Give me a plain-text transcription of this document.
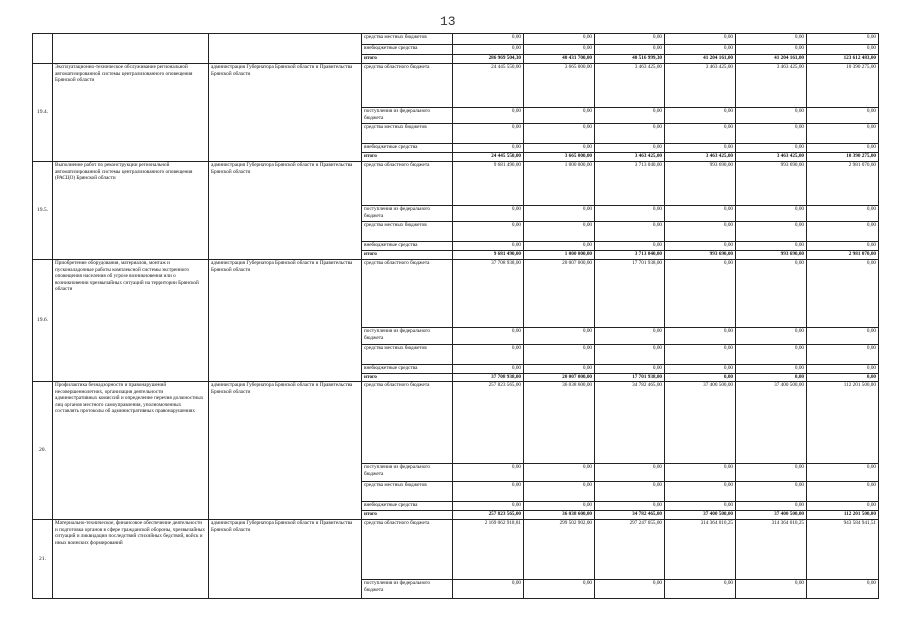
13
			средства местных бюджетов	0,00	0,00	0,00	0,00	0,00	0,00
			внебюджетные средства	0,00	0,00	0,00	0,00	0,00	0,00
			итого	286 969 504,30	40 431 700,00	40 516 999,30	41 204 161,00	41 204 161,00	123 612 483,00
19.4.	Эксплуатационно-техническое обслуживание региональной автоматизированной системы централизованного оповещения Брянской области	администрация Губернатора Брянской области и Правительства Брянской области	средства областного бюджета	24 445 550,00	3 665 000,00	3 463 425,00	3 463 425,00	3 463 425,00	10 390 275,00
			поступления из федерального бюджета	0,00	0,00	0,00	0,00	0,00	0,00
			средства местных бюджетов	0,00	0,00	0,00	0,00	0,00	0,00
			внебюджетные средства	0,00	0,00	0,00	0,00	0,00	0,00
			итого	24 445 550,00	3 665 000,00	3 463 425,00	3 463 425,00	3 463 425,00	10 390 275,00
19.5.	Выполнение работ по реконструкции региональной автоматизированной системы централизованного оповещения (РАСЦО) Брянской области	администрация Губернатора Брянской области и Правительства Брянской области	средства областного бюджета	9 681 490,00	1 000 000,00	3 713 040,00	993 690,00	993 690,00	2 981 070,00
			поступления из федерального бюджета	0,00	0,00	0,00	0,00	0,00	0,00
			средства местных бюджетов	0,00	0,00	0,00	0,00	0,00	0,00
			внебюджетные средства	0,00	0,00	0,00	0,00	0,00	0,00
			итого	9 681 490,00	1 000 000,00	3 713 040,00	993 690,00	993 690,00	2 981 070,00
19.6.	Приобретение оборудования, материалов, монтаж и пусконаладочные работы комплексной системы экстренного оповещения населения об угрозе возникновения или о возникновении чрезвычайных ситуаций на территории Брянской области	администрация Губернатора Брянской области и Правительства Брянской области	средства областного бюджета	37 708 938,00	20 007 000,00	17 701 938,00	0,00	0,00	0,00
			поступления из федерального бюджета	0,00	0,00	0,00	0,00	0,00	0,00
			средства местных бюджетов	0,00	0,00	0,00	0,00	0,00	0,00
			внебюджетные средства	0,00	0,00	0,00	0,00	0,00	0,00
			итого	37 708 938,00	20 007 000,00	17 701 938,00	0,00	0,00	0,00
20.	Профилактика безнадзорности и правонарушений несовершеннолетних, организация деятельности административных комиссий и определение перечня должностных лиц органов местного самоуправления, уполномоченных составлять протоколы об административных правонарушениях	администрация Губернатора Брянской области и Правительства Брянской области	средства областного бюджета	257 823 565,00	36 038 600,00	34 782 465,00	37 400 500,00	37 400 500,00	112 201 500,00
			поступления из федерального бюджета	0,00	0,00	0,00	0,00	0,00	0,00
			средства местных бюджетов	0,00	0,00	0,00	0,00	0,00	0,00
			внебюджетные средства	0,00	0,00	0,00	0,00	0,00	0,00
			итого	257 823 565,00	36 038 600,00	34 782 465,00	37 400 500,00	37 400 500,00	112 201 500,00
21.	Материально-техническое, финансовое обеспечение деятельности и подготовка органов в сфере гражданской обороны, чрезвычайных ситуаций и ликвидации последствий стихийных бедствий, войск и иных воинских формирований	администрация Губернатора Брянской области и Правительства Брянской области	средства областного бюджета	2 169 062 918,81	299 502 902,00	297 247 055,00	314 364 010,25	314 364 010,25	943 584 941,51
			поступления из федерального бюджета	0,00	0,00	0,00	0,00	0,00	0,00
